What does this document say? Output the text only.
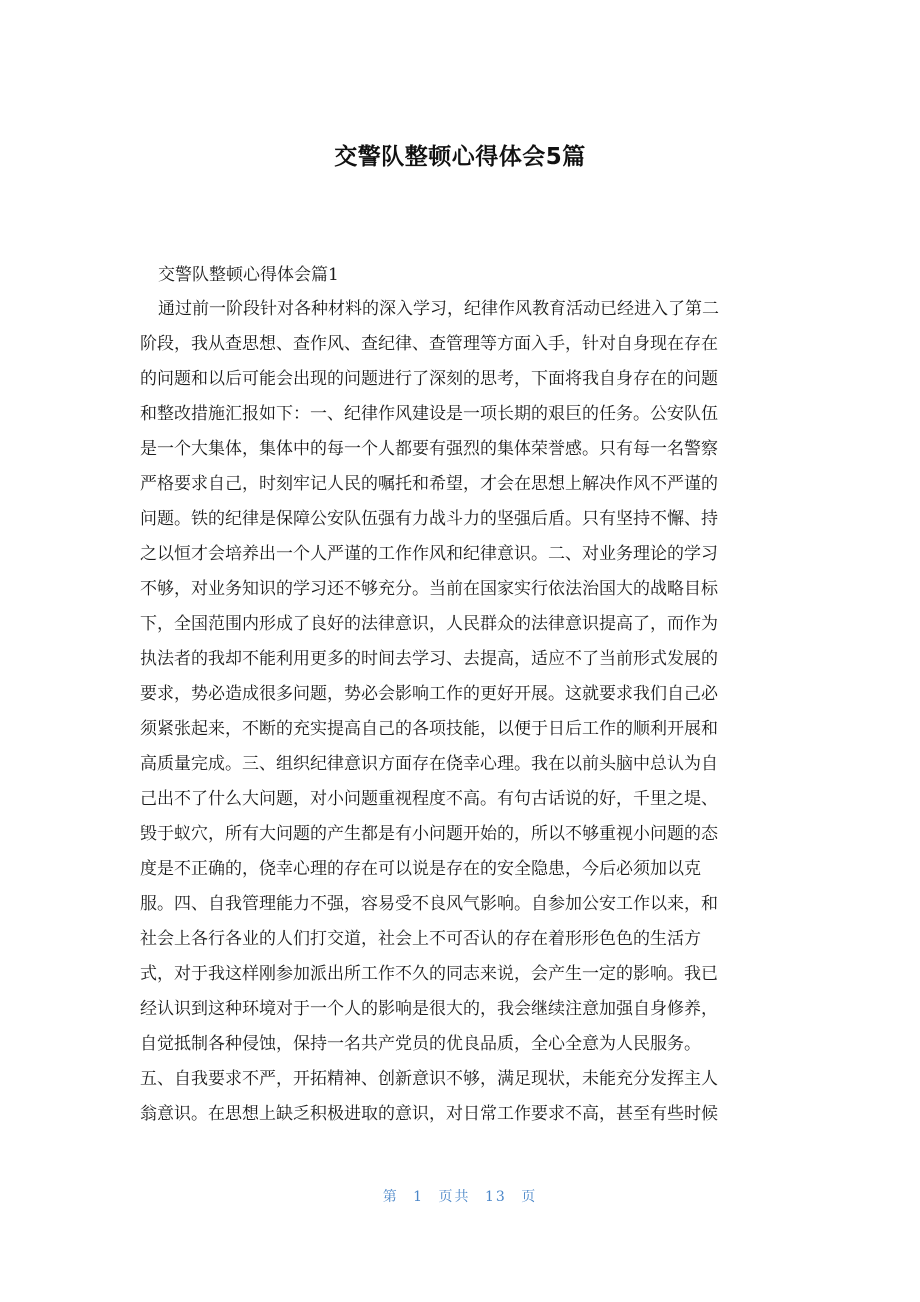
交警队整顿心得体会5篇
交警队整顿心得体会篇1
通过前一阶段针对各种材料的深入学习，纪律作风教育活动已经进入了第二
阶段，我从查思想、查作风、查纪律、查管理等方面入手，针对自身现在存在
的问题和以后可能会出现的问题进行了深刻的思考，下面将我自身存在的问题
和整改措施汇报如下：一、纪律作风建设是一项长期的艰巨的任务。公安队伍
是一个大集体，集体中的每一个人都要有强烈的集体荣誉感。只有每一名警察
严格要求自己，时刻牢记人民的嘱托和希望，才会在思想上解决作风不严谨的
问题。铁的纪律是保障公安队伍强有力战斗力的坚强后盾。只有坚持不懈、持
之以恒才会培养出一个人严谨的工作作风和纪律意识。二、对业务理论的学习
不够，对业务知识的学习还不够充分。当前在国家实行依法治国大的战略目标
下，全国范围内形成了良好的法律意识，人民群众的法律意识提高了，而作为
执法者的我却不能利用更多的时间去学习、去提高，适应不了当前形式发展的
要求，势必造成很多问题，势必会影响工作的更好开展。这就要求我们自己必
须紧张起来，不断的充实提高自己的各项技能，以便于日后工作的顺利开展和
高质量完成。三、组织纪律意识方面存在侥幸心理。我在以前头脑中总认为自
己出不了什么大问题，对小问题重视程度不高。有句古话说的好，千里之堤、
毁于蚁穴，所有大问题的产生都是有小问题开始的，所以不够重视小问题的态
度是不正确的，侥幸心理的存在可以说是存在的安全隐患，今后必须加以克
服。四、自我管理能力不强，容易受不良风气影响。自参加公安工作以来，和
社会上各行各业的人们打交道，社会上不可否认的存在着形形色色的生活方
式，对于我这样刚参加派出所工作不久的同志来说，会产生一定的影响。我已
经认识到这种环境对于一个人的影响是很大的，我会继续注意加强自身修养，
自觉抵制各种侵蚀，保持一名共产党员的优良品质，全心全意为人民服务。
五、自我要求不严，开拓精神、创新意识不够，满足现状，未能充分发挥主人
翁意识。在思想上缺乏积极进取的意识，对日常工作要求不高，甚至有些时候
第 1 页共 13 页
